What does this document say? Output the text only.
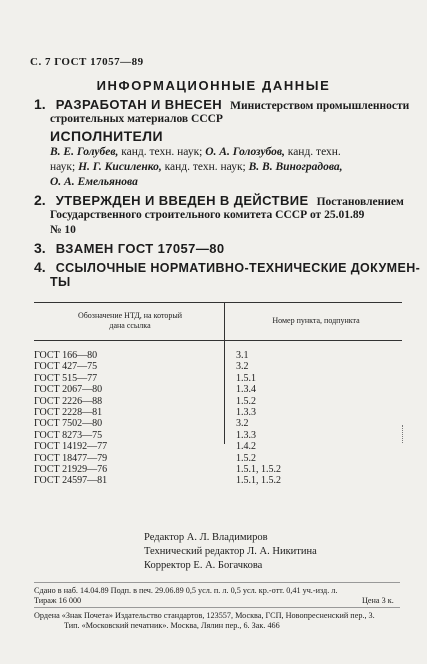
С. 7 ГОСТ 17057—89
ИНФОРМАЦИОННЫЕ ДАННЫЕ
1. РАЗРАБОТАН И ВНЕСЕН Министерством промышленности
строительных материалов СССР
ИСПОЛНИТЕЛИ
В. Е. Голубев, канд. техн. наук; О. А. Голозубов, канд. техн.
наук; Н. Г. Кисиленко, канд. техн. наук; В. В. Виноградова,
О. А. Емельянова
2. УТВЕРЖДЕН И ВВЕДЕН В ДЕЙСТВИЕ Постановлением
Государственного строительного комитета СССР от 25.01.89
№ 10
3. ВЗАМЕН ГОСТ 17057—80
4. ССЫЛОЧНЫЕ НОРМАТИВНО-ТЕХНИЧЕСКИЕ ДОКУМЕН-
ТЫ
Обозначение НТД, на который
дана ссылка
Номер пункта, подпункта
ГОСТ 166—80	3.1
ГОСТ 427—75	3.2
ГОСТ 515—77	1.5.1
ГОСТ 2067—80	1.3.4
ГОСТ 2226—88	1.5.2
ГОСТ 2228—81	1.3.3
ГОСТ 7502—80	3.2
ГОСТ 8273—75	1.3.3
ГОСТ 14192—77	1.4.2
ГОСТ 18477—79	1.5.2
ГОСТ 21929—76	1.5.1, 1.5.2
ГОСТ 24597—81	1.5.1, 1.5.2
Редактор А. Л. Владимиров
Технический редактор Л. А. Никитина
Корректор Е. А. Богачкова
Сдано в наб. 14.04.89 Подп. в печ. 29.06.89 0,5 усл. п. л. 0,5 усл. кр.-отт. 0,41 уч.-изд. л.
Тираж 16 000	Цена 3 к.
Ордена «Знак Почета» Издательство стандартов, 123557, Москва, ГСП, Новопресненский пер., 3.
Тип. «Московский печатник». Москва, Лялин пер., 6. Зак. 466
